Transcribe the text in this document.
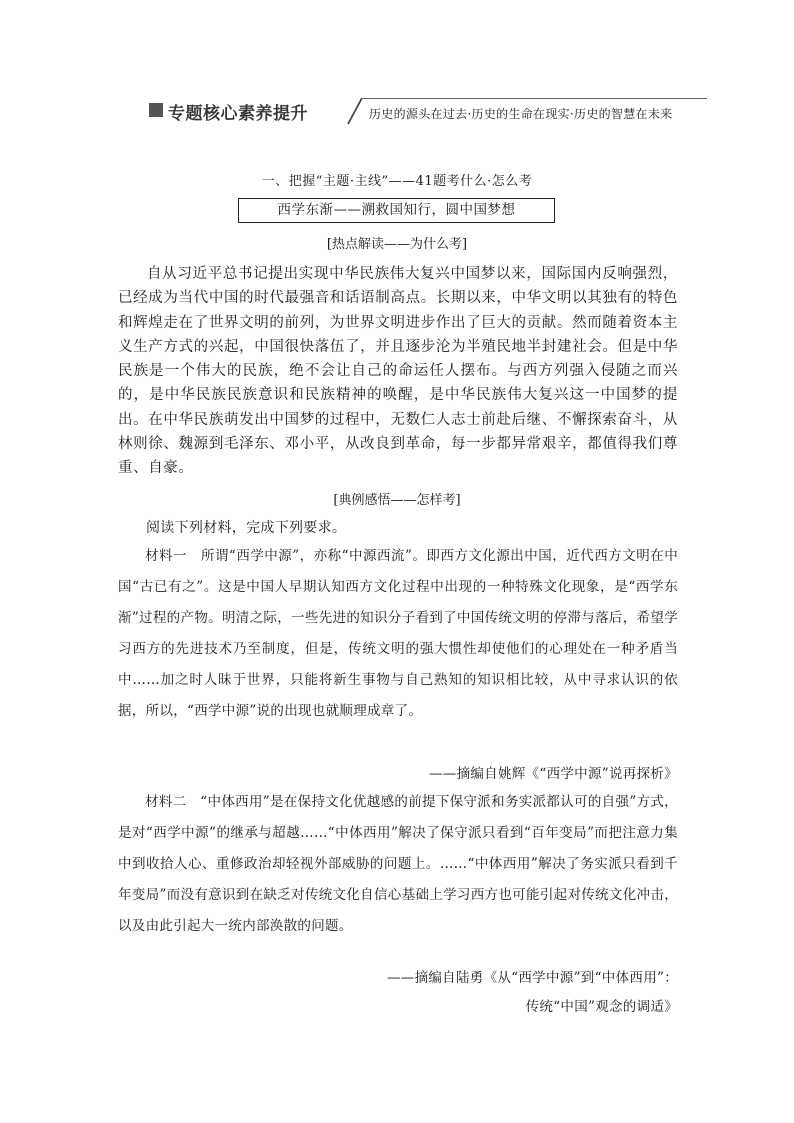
专题核心素养提升	历史的源头在过去·历史的生命在现实·历史的智慧在未来
一、把握“主题·主线”——41题考什么·怎么考
西学东渐——溯救国知行，圆中国梦想
[热点解读——为什么考]

自从习近平总书记提出实现中华民族伟大复兴中国梦以来，国际国内反响强烈，已经成为当代中国的时代最强音和话语制高点。长期以来，中华文明以其独有的特色和辉煌走在了世界文明的前列，为世界文明进步作出了巨大的贡献。然而随着资本主义生产方式的兴起，中国很快落伍了，并且逐步沦为半殖民地半封建社会。但是中华民族是一个伟大的民族，绝不会让自己的命运任人摆布。与西方列强入侵随之而兴的，是中华民族民族意识和民族精神的唤醒，是中华民族伟大复兴这一中国梦的提出。在中华民族萌发出中国梦的过程中，无数仁人志士前赴后继、不懈探索奋斗，从林则徐、魏源到毛泽东、邓小平，从改良到革命，每一步都异常艰辛，都值得我们尊重、自豪。

[典例感悟——怎样考]
阅读下列材料，完成下列要求。

材料一　所谓“西学中源”，亦称“中源西流”。即西方文化源出中国，近代西方文明在中国“古已有之”。这是中国人早期认知西方文化过程中出现的一种特殊文化现象，是“西学东渐”过程的产物。明清之际，一些先进的知识分子看到了中国传统文明的停滞与落后，希望学习西方的先进技术乃至制度，但是，传统文明的强大惯性却使他们的心理处在一种矛盾当中……加之时人昧于世界，只能将新生事物与自己熟知的知识相比较，从中寻求认识的依据，所以，“西学中源”说的出现也就顺理成章了。

——摘编自姚辉《“西学中源”说再探析》

材料二　“中体西用”是在保持文化优越感的前提下保守派和务实派都认可的自强”方式，是对“西学中源”的继承与超越……“中体西用”解决了保守派只看到“百年变局”而把注意力集中到收拾人心、重修政治却轻视外部威胁的问题上。……“中体西用”解决了务实派只看到千年变局”而没有意识到在缺乏对传统文化自信心基础上学习西方也可能引起对传统文化冲击，以及由此引起大一统内部涣散的问题。

——摘编自陆勇《从“西学中源”到“中体西用”：
传统“中国”观念的调适》
